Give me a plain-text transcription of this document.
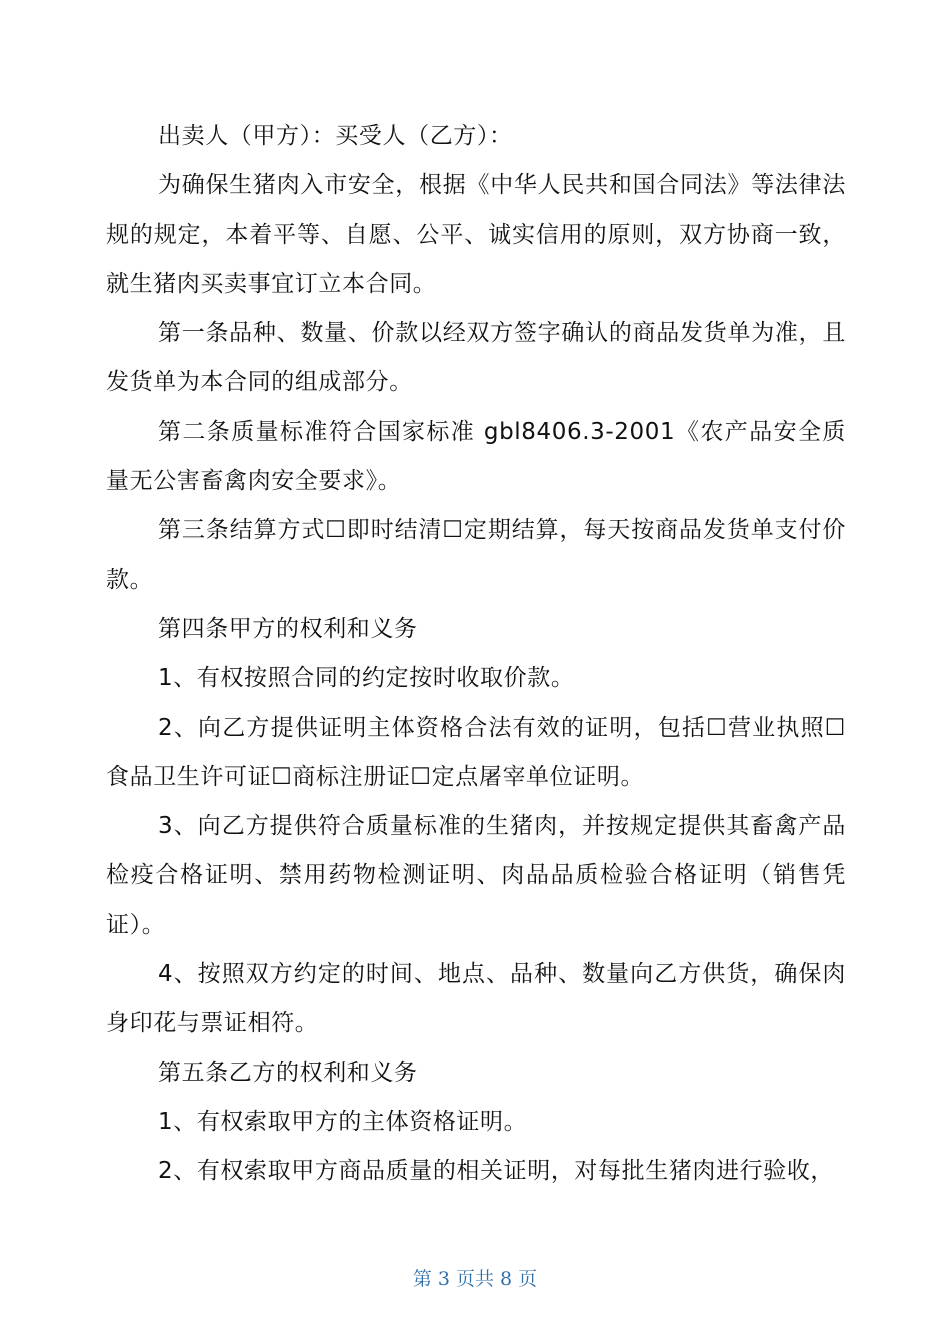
出卖人（甲方）：买受人（乙方）：

为确保生猪肉入市安全，根据《中华人民共和国合同法》等法律法规的规定，本着平等、自愿、公平、诚实信用的原则，双方协商一致，就生猪肉买卖事宜订立本合同。

第一条品种、数量、价款以经双方签字确认的商品发货单为准，且发货单为本合同的组成部分。

第二条质量标准符合国家标准 gbl8406.3-2001《农产品安全质量无公害畜禽肉安全要求》。

第三条结算方式☐即时结清☐定期结算，每天按商品发货单支付价款。

第四条甲方的权利和义务

1、有权按照合同的约定按时收取价款。

2、向乙方提供证明主体资格合法有效的证明，包括☐营业执照☐食品卫生许可证☐商标注册证☐定点屠宰单位证明。

3、向乙方提供符合质量标准的生猪肉，并按规定提供其畜禽产品检疫合格证明、禁用药物检测证明、肉品品质检验合格证明（销售凭证）。

4、按照双方约定的时间、地点、品种、数量向乙方供货，确保肉身印花与票证相符。

第五条乙方的权利和义务

1、有权索取甲方的主体资格证明。

2、有权索取甲方商品质量的相关证明，对每批生猪肉进行验收，

第 3 页共 8 页
